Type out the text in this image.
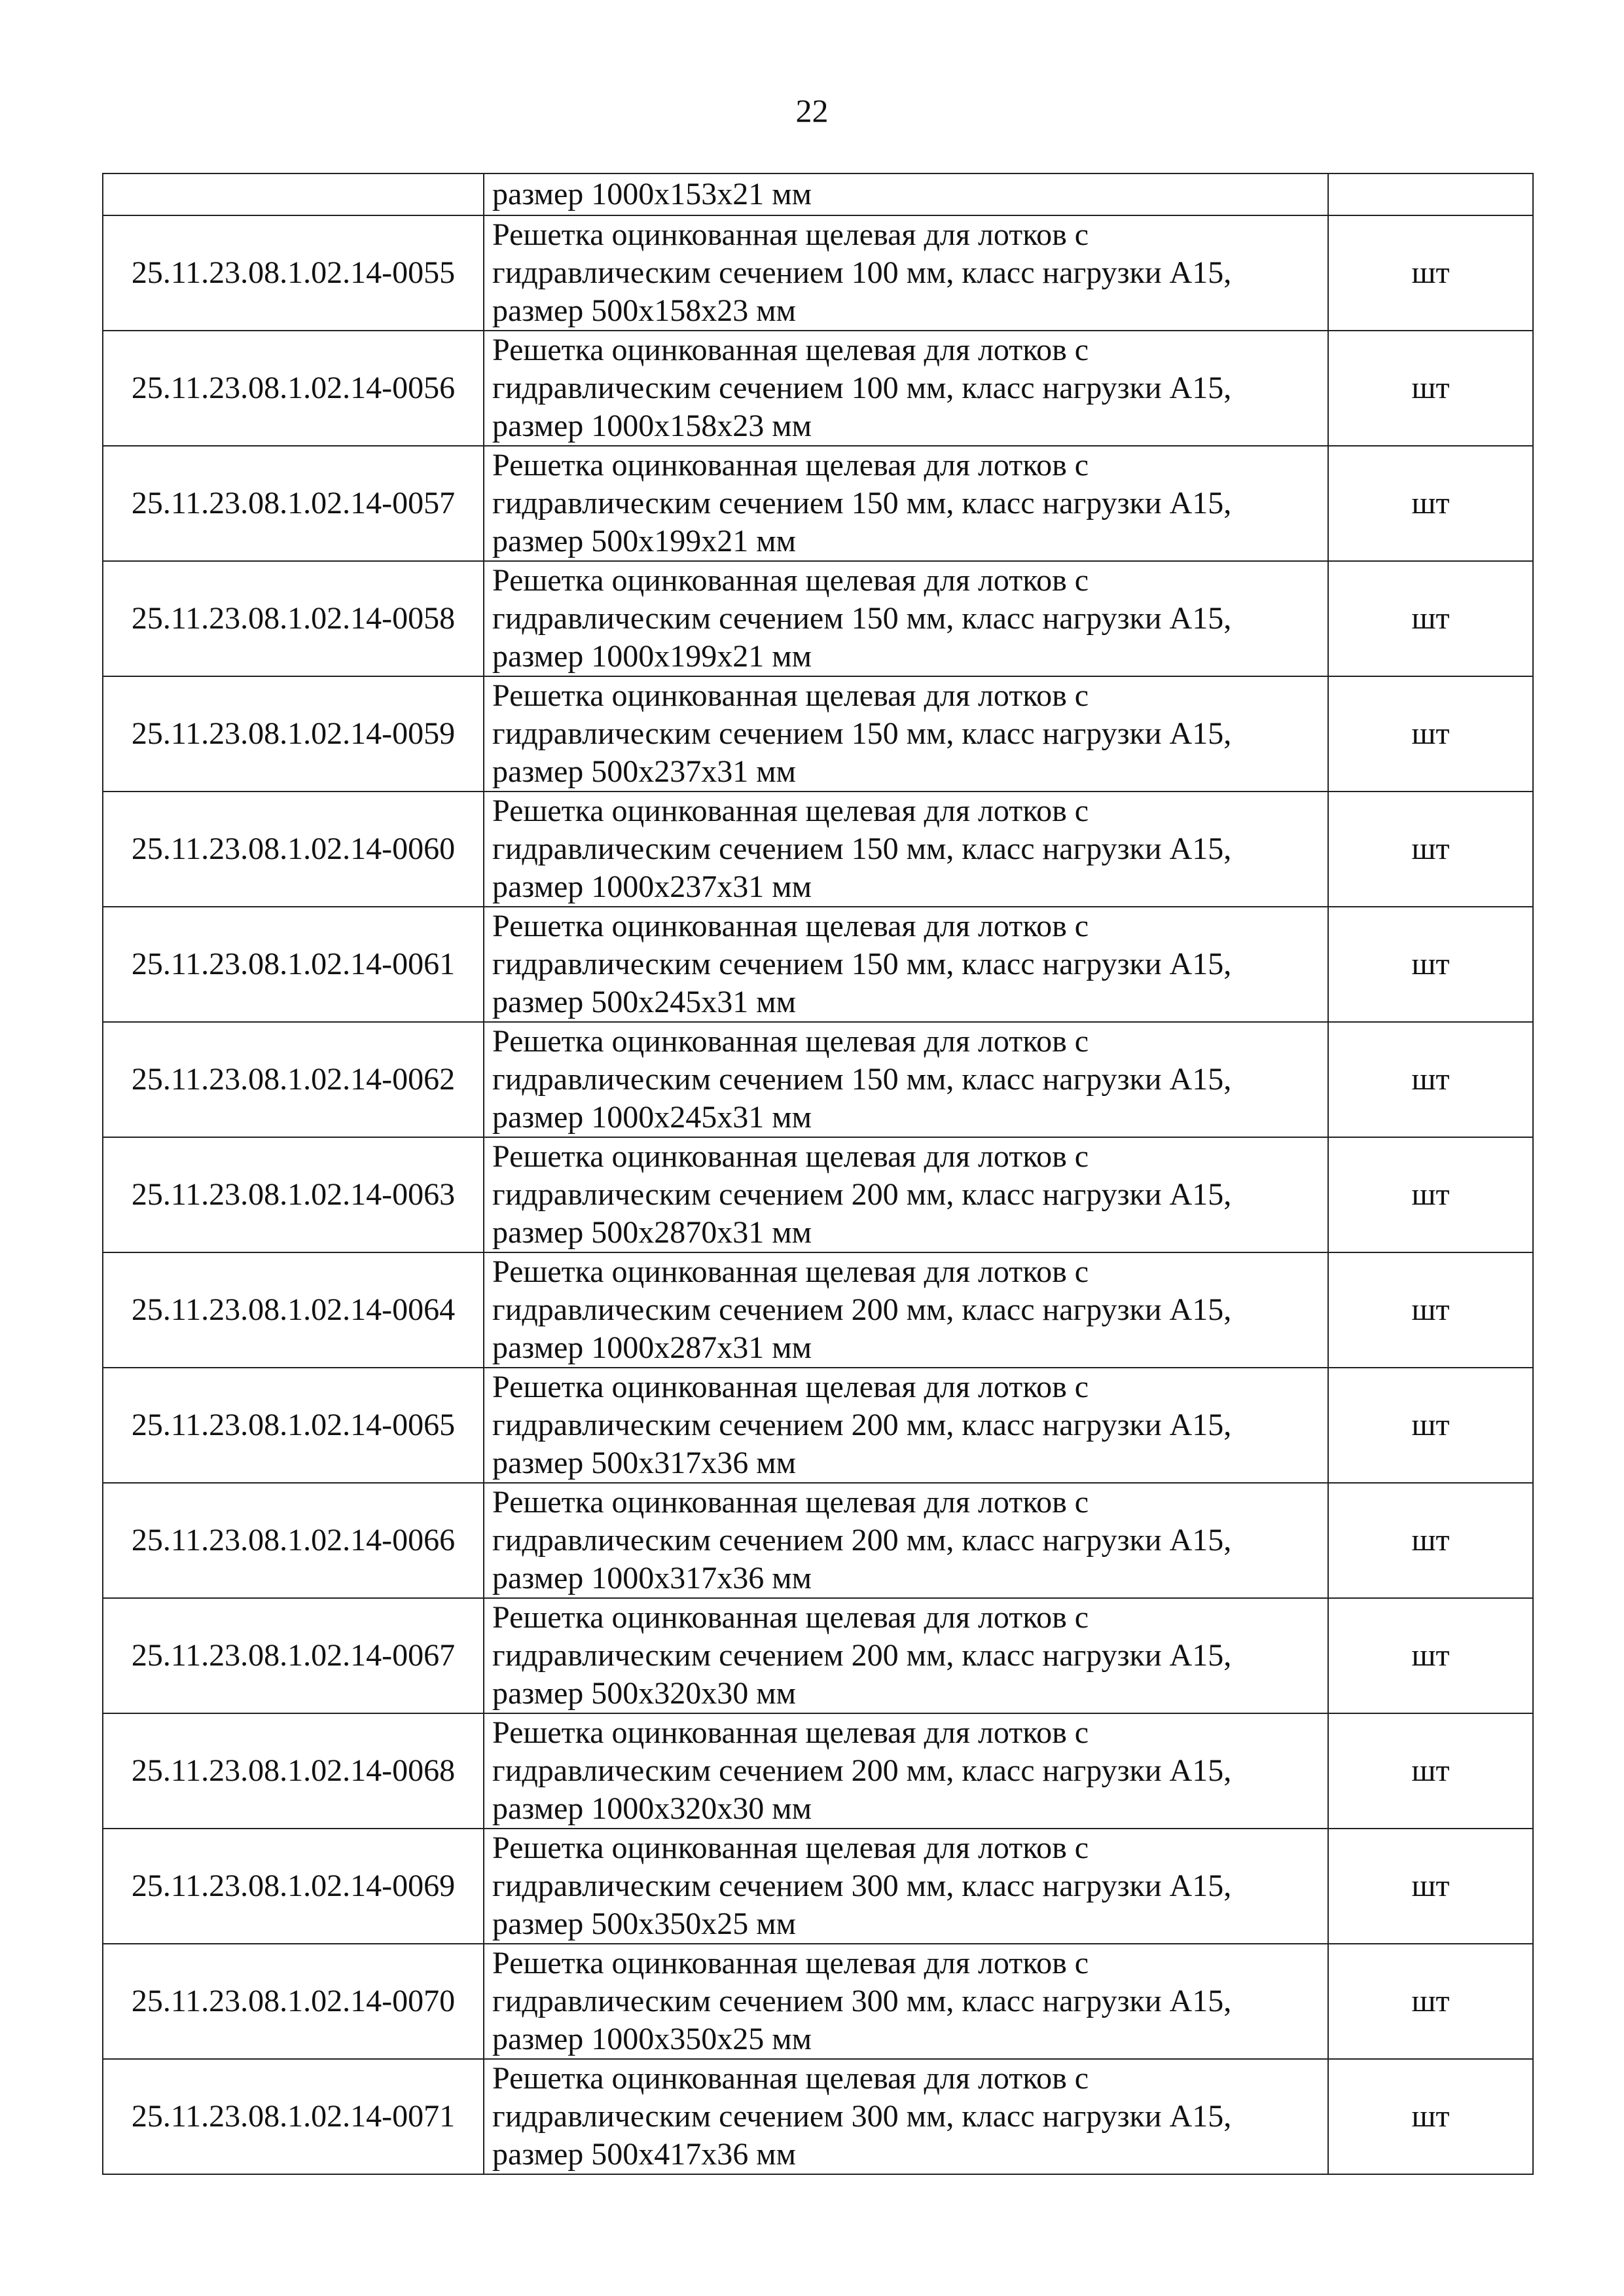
22
	размер 1000x153x21 мм	
25.11.23.08.1.02.14-0055	Решетка оцинкованная щелевая для лотков с
гидравлическим сечением 100 мм, класс нагрузки А15,
размер 500x158x23 мм	шт
25.11.23.08.1.02.14-0056	Решетка оцинкованная щелевая для лотков с
гидравлическим сечением 100 мм, класс нагрузки А15,
размер 1000x158x23 мм	шт
25.11.23.08.1.02.14-0057	Решетка оцинкованная щелевая для лотков с
гидравлическим сечением 150 мм, класс нагрузки А15,
размер 500x199x21 мм	шт
25.11.23.08.1.02.14-0058	Решетка оцинкованная щелевая для лотков с
гидравлическим сечением 150 мм, класс нагрузки А15,
размер 1000x199x21 мм	шт
25.11.23.08.1.02.14-0059	Решетка оцинкованная щелевая для лотков с
гидравлическим сечением 150 мм, класс нагрузки А15,
размер 500x237x31 мм	шт
25.11.23.08.1.02.14-0060	Решетка оцинкованная щелевая для лотков с
гидравлическим сечением 150 мм, класс нагрузки А15,
размер 1000x237x31 мм	шт
25.11.23.08.1.02.14-0061	Решетка оцинкованная щелевая для лотков с
гидравлическим сечением 150 мм, класс нагрузки А15,
размер 500x245x31 мм	шт
25.11.23.08.1.02.14-0062	Решетка оцинкованная щелевая для лотков с
гидравлическим сечением 150 мм, класс нагрузки А15,
размер 1000x245x31 мм	шт
25.11.23.08.1.02.14-0063	Решетка оцинкованная щелевая для лотков с
гидравлическим сечением 200 мм, класс нагрузки А15,
размер 500x2870x31 мм	шт
25.11.23.08.1.02.14-0064	Решетка оцинкованная щелевая для лотков с
гидравлическим сечением 200 мм, класс нагрузки А15,
размер 1000x287x31 мм	шт
25.11.23.08.1.02.14-0065	Решетка оцинкованная щелевая для лотков с
гидравлическим сечением 200 мм, класс нагрузки А15,
размер 500x317x36 мм	шт
25.11.23.08.1.02.14-0066	Решетка оцинкованная щелевая для лотков с
гидравлическим сечением 200 мм, класс нагрузки А15,
размер 1000x317x36 мм	шт
25.11.23.08.1.02.14-0067	Решетка оцинкованная щелевая для лотков с
гидравлическим сечением 200 мм, класс нагрузки А15,
размер 500x320x30 мм	шт
25.11.23.08.1.02.14-0068	Решетка оцинкованная щелевая для лотков с
гидравлическим сечением 200 мм, класс нагрузки А15,
размер 1000x320x30 мм	шт
25.11.23.08.1.02.14-0069	Решетка оцинкованная щелевая для лотков с
гидравлическим сечением 300 мм, класс нагрузки А15,
размер 500x350x25 мм	шт
25.11.23.08.1.02.14-0070	Решетка оцинкованная щелевая для лотков с
гидравлическим сечением 300 мм, класс нагрузки А15,
размер 1000x350x25 мм	шт
25.11.23.08.1.02.14-0071	Решетка оцинкованная щелевая для лотков с
гидравлическим сечением 300 мм, класс нагрузки А15,
размер 500x417x36 мм	шт
